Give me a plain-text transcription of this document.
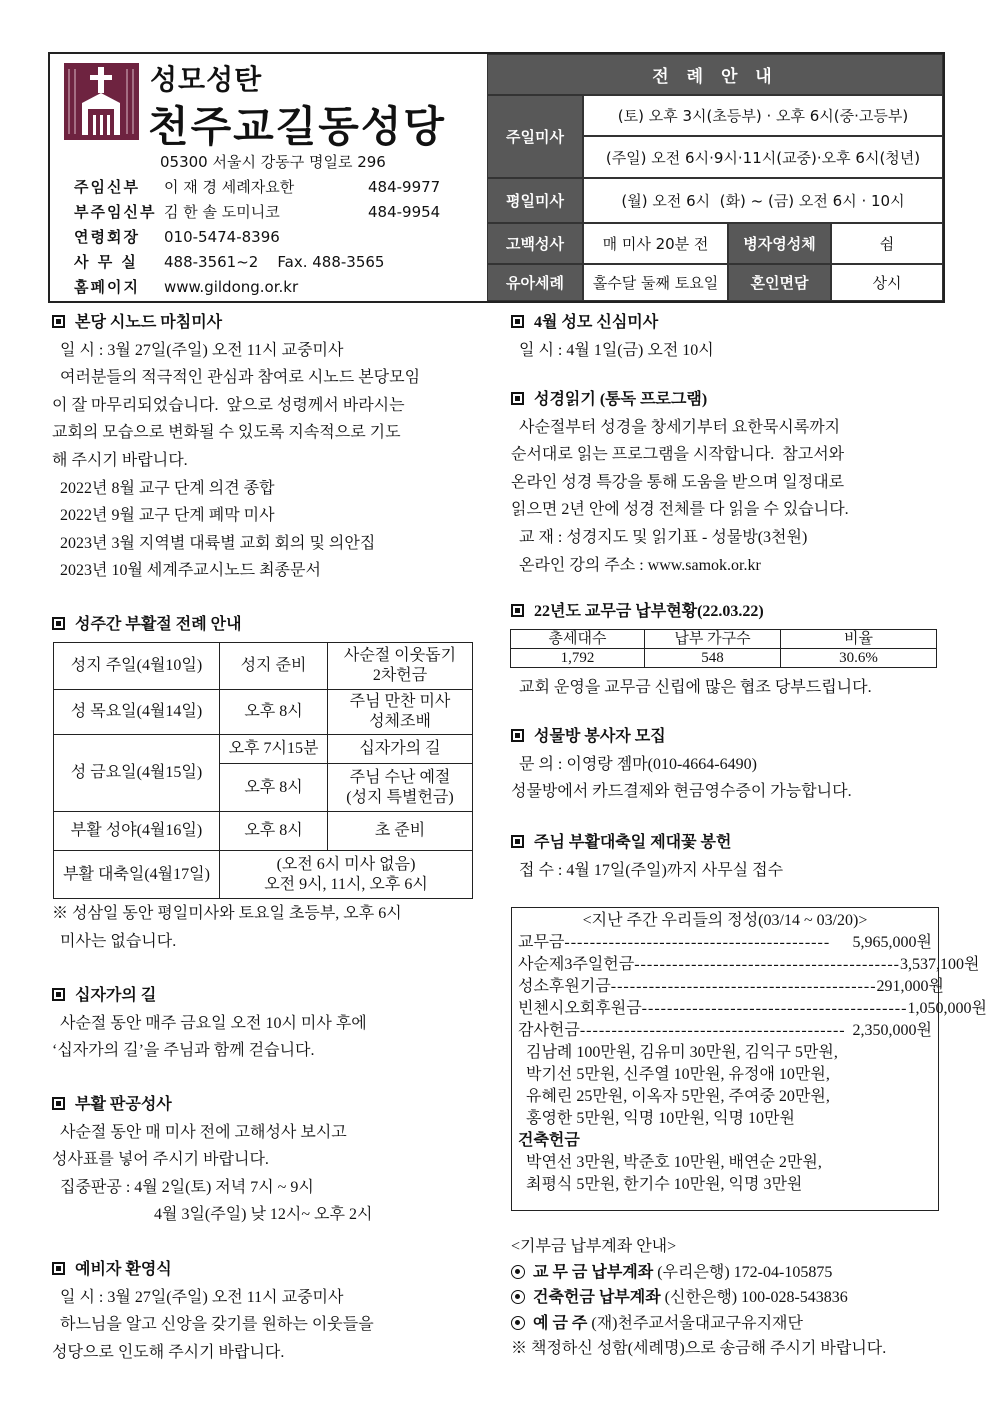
성모성탄
천주교길동성당
05300 서울시 강동구 명일로 296
주임신부 이 재 경 세례자요한	484-9977
부주임신부 김 한 솔 도미니코	484-9954
연령회장 010-5474-8396
사 무 실 488-3561~2    Fax. 488-3565
홈페이지 www.gildong.or.kr
전 례 안 내
주일미사
(토) 오후 3시(초등부) · 오후 6시(중·고등부)
(주일) 오전 6시·9시·11시(교중)·오후 6시(청년)
평일미사	(월) 오전 6시  (화) ~ (금) 오전 6시 · 10시
고백성사	매 미사 20분 전	병자영성체	쉼
유아세례	홀수달 둘째 토요일	혼인면담	상시
본당 시노드 마침미사
일 시 : 3월 27일(주일) 오전 11시 교중미사
여러분들의 적극적인 관심과 참여로 시노드 본당모임
이 잘 마무리되었습니다.  앞으로 성령께서 바라시는
교회의 모습으로 변화될 수 있도록 지속적으로 기도
해 주시기 바랍니다.
2022년 8월 교구 단계 의견 종합
2022년 9월 교구 단계 폐막 미사
2023년 3월 지역별 대륙별 교회 회의 및 의안집
2023년 10월 세계주교시노드 최종문서
성주간 부활절 전례 안내
성지 주일(4월10일)	성지 준비	사순절 이웃돕기
2차헌금
성 목요일(4월14일)	오후 8시	주님 만찬 미사
성체조배
성 금요일(4월15일)	오후 7시15분	십자가의 길
	오후 8시	주님 수난 예절
(성지 특별헌금)
부활 성야(4월16일)	오후 8시	초 준비
부활 대축일(4월17일)	(오전 6시 미사 없음)
오전 9시, 11시, 오후 6시	
※ 성삼일 동안 평일미사와 토요일 초등부, 오후 6시
미사는 없습니다.
십자가의 길
사순절 동안 매주 금요일 오전 10시 미사 후에
‘십자가의 길’을 주님과 함께 걷습니다.
부활 판공성사
사순절 동안 매 미사 전에 고해성사 보시고
성사표를 넣어 주시기 바랍니다.
집중판공 : 4월 2일(토) 저녁 7시 ~ 9시
4월 3일(주일) 낮 12시~ 오후 2시
예비자 환영식
일 시 : 3월 27일(주일) 오전 11시 교중미사
하느님을 알고 신앙을 갖기를 원하는 이웃들을
성당으로 인도해 주시기 바랍니다.
4월 성모 신심미사
일 시 : 4월 1일(금) 오전 10시
성경읽기 (통독 프로그램)
사순절부터 성경을 창세기부터 요한묵시록까지
순서대로 읽는 프로그램을 시작합니다.  참고서와
온라인 성경 특강을 통해 도움을 받으며 일정대로
읽으면 2년 안에 성경 전체를 다 읽을 수 있습니다.
교 재 : 성경지도 및 읽기표 - 성물방(3천원)
온라인 강의 주소 : www.samok.or.kr
22년도 교무금 납부현황(22.03.22)
총세대수	납부 가구수	비율
1,792	548	30.6%
교회 운영을 교무금 신립에 많은 협조 당부드립니다.
성물방 봉사자 모집
문 의 : 이영랑 젬마(010-4664-6490)
성물방에서 카드결제와 현금영수증이 가능합니다.
주님 부활대축일 제대꽃 봉헌
접 수 : 4월 17일(주일)까지 사무실 접수
<지난 주간 우리들의 정성(03/14 ~ 03/20)>
교무금 ------------------------------------------	5,965,000원
사순제3주일헌금 ------------------------------------------ 3,537,100원
성소후원기금 ------------------------------------------ 291,000원
빈첸시오회후원금 ------------------------------------------ 1,050,000원
감사헌금 ------------------------------------------ 2,350,000원
김남례 100만원, 김유미 30만원, 김익구 5만원,
박기선 5만원, 신주열 10만원, 유정애 10만원,
유혜린 25만원, 이옥자 5만원, 주여중 20만원,
홍영한 5만원, 익명 10만원, 익명 10만원
건축헌금
박연선 3만원, 박준호 10만원, 배연순 2만원,
최평식 5만원, 한기수 10만원, 익명 3만원
<기부금 납부계좌 안내>
교 무 금 납부계좌 (우리은행) 172-04-105875
건축헌금 납부계좌 (신한은행) 100-028-543836
예 금 주 (재)천주교서울대교구유지재단
※ 책정하신 성함(세례명)으로 송금해 주시기 바랍니다.
